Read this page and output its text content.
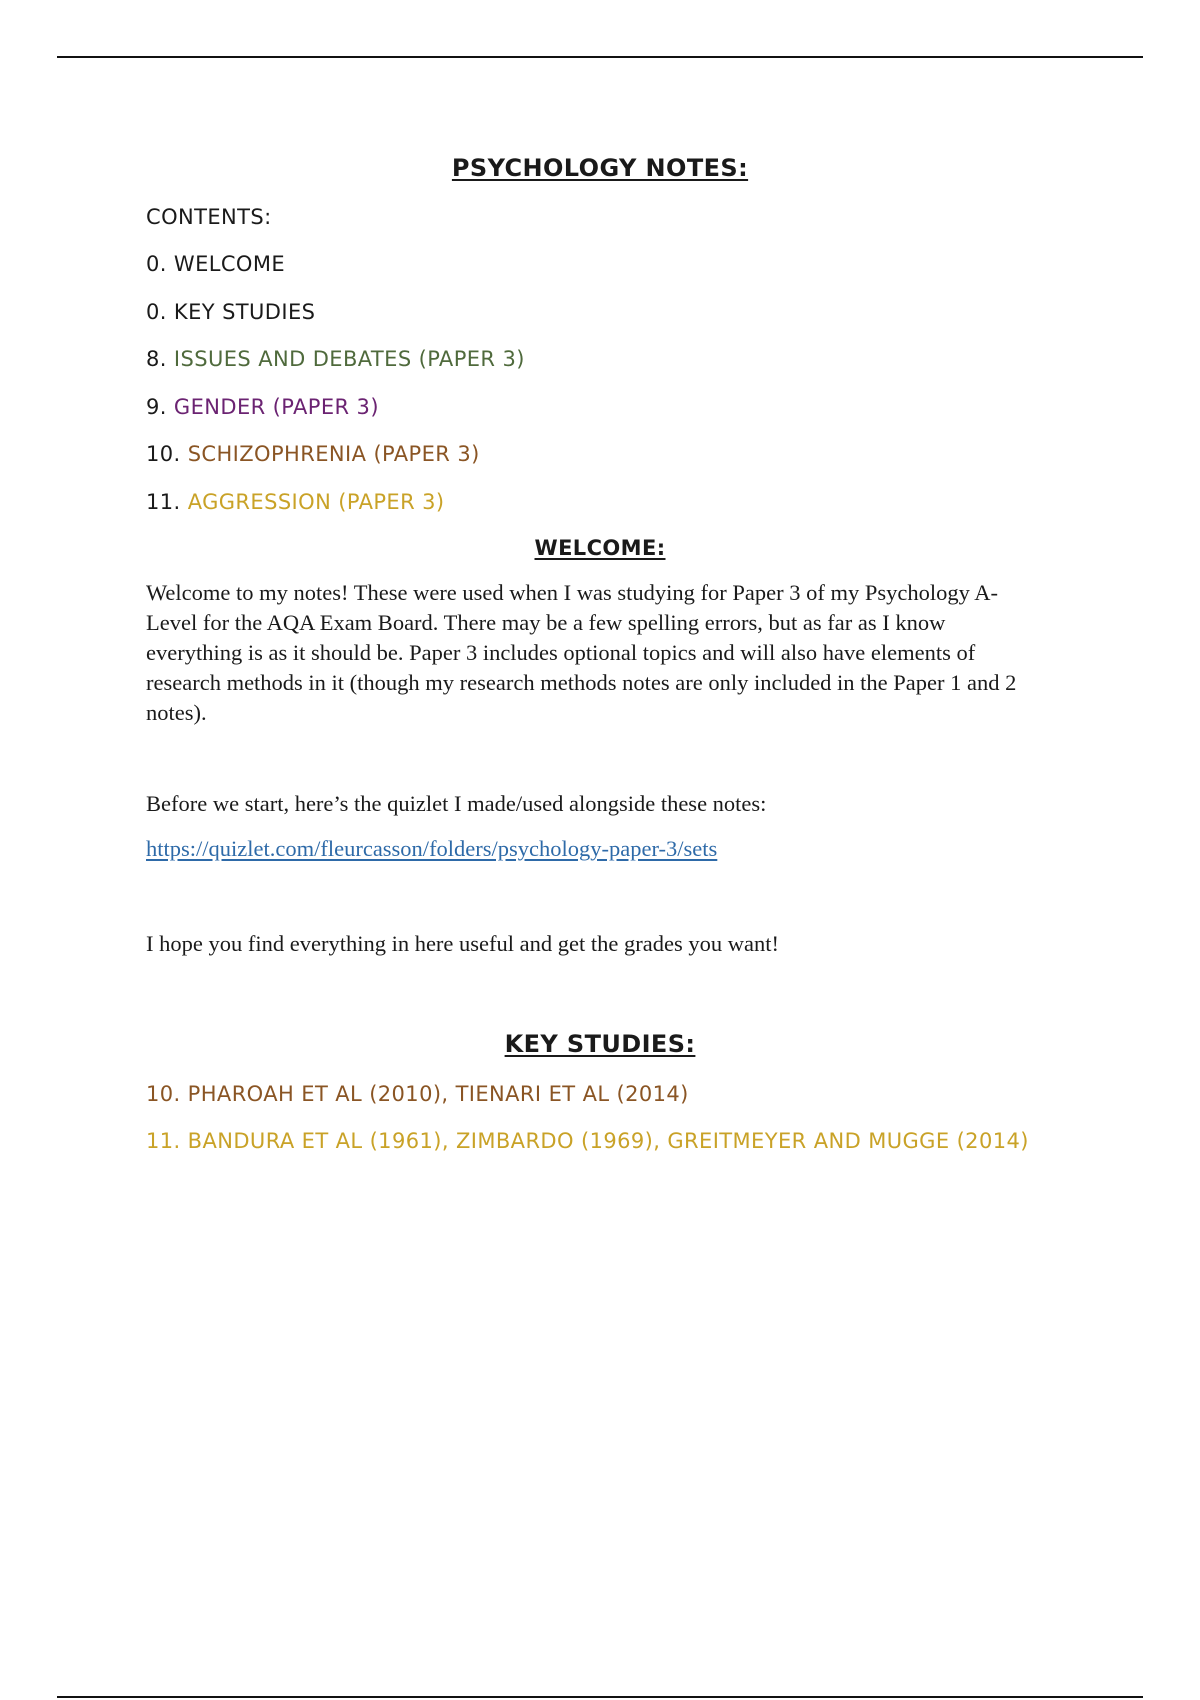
PSYCHOLOGY NOTES:

CONTENTS:

0. WELCOME
0. KEY STUDIES
8. ISSUES AND DEBATES (PAPER 3)
9. GENDER (PAPER 3)
10. SCHIZOPHRENIA (PAPER 3)
11. AGGRESSION (PAPER 3)
WELCOME:

Welcome to my notes! These were used when I was studying for Paper 3 of my Psychology A-Level for the AQA Exam Board. There may be a few spelling errors, but as far as I know everything is as it should be. Paper 3 includes optional topics and will also have elements of research methods in it (though my research methods notes are only included in the Paper 1 and 2 notes).

Before we start, here’s the quizlet I made/used alongside these notes:

https://quizlet.com/fleurcasson/folders/psychology-paper-3/sets

I hope you find everything in here useful and get the grades you want!

KEY STUDIES:
10. PHAROAH ET AL (2010), TIENARI ET AL (2014)
11. BANDURA ET AL (1961), ZIMBARDO (1969), GREITMEYER AND MUGGE (2014)
